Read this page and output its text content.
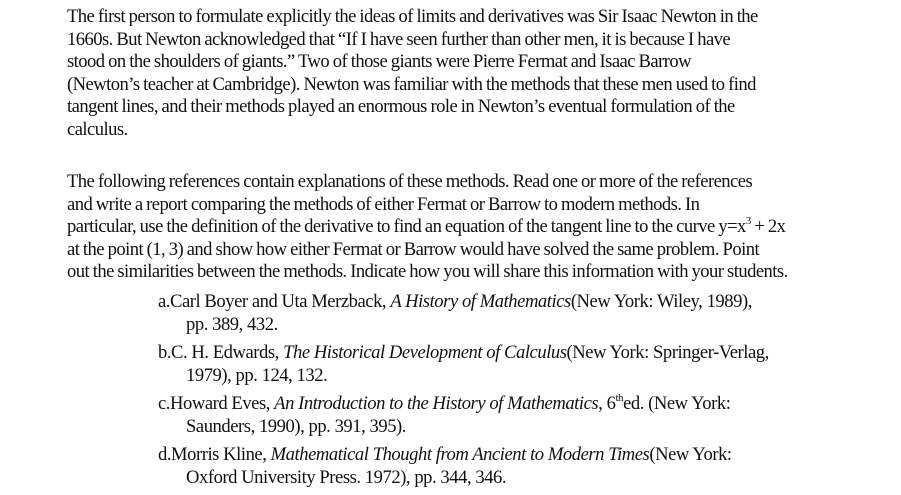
The first person to formulate explicitly the ideas of limits and derivatives was Sir Isaac Newton in the
1660s. But Newton acknowledged that “If I have seen further than other men, it is because I have
stood on the shoulders of giants.” Two of those giants were Pierre Fermat and Isaac Barrow
(Newton’s teacher at Cambridge). Newton was familiar with the methods that these men used to find
tangent lines, and their methods played an enormous role in Newton’s eventual formulation of the
calculus.

The following references contain explanations of these methods. Read one or more of the references
and write a report comparing the methods of either Fermat or Barrow to modern methods. In
particular, use the definition of the derivative to find an equation of the tangent line to the curve $y=x^3 + 2x$
at the point (1, 3) and show how either Fermat or Barrow would have solved the same problem. Point
out the similarities between the methods. Indicate how you will share this information with your students.

a.Carl Boyer and Uta Merzback, A History of Mathematics(New York: Wiley, 1989),
pp. 389, 432.
b.C. H. Edwards, The Historical Development of Calculus(New York: Springer-Verlag,
1979), pp. 124, 132.
c.Howard Eves, An Introduction to the History of Mathematics, 6thed. (New York:
Saunders, 1990), pp. 391, 395).
d.Morris Kline, Mathematical Thought from Ancient to Modern Times(New York:
Oxford University Press. 1972), pp. 344, 346.
